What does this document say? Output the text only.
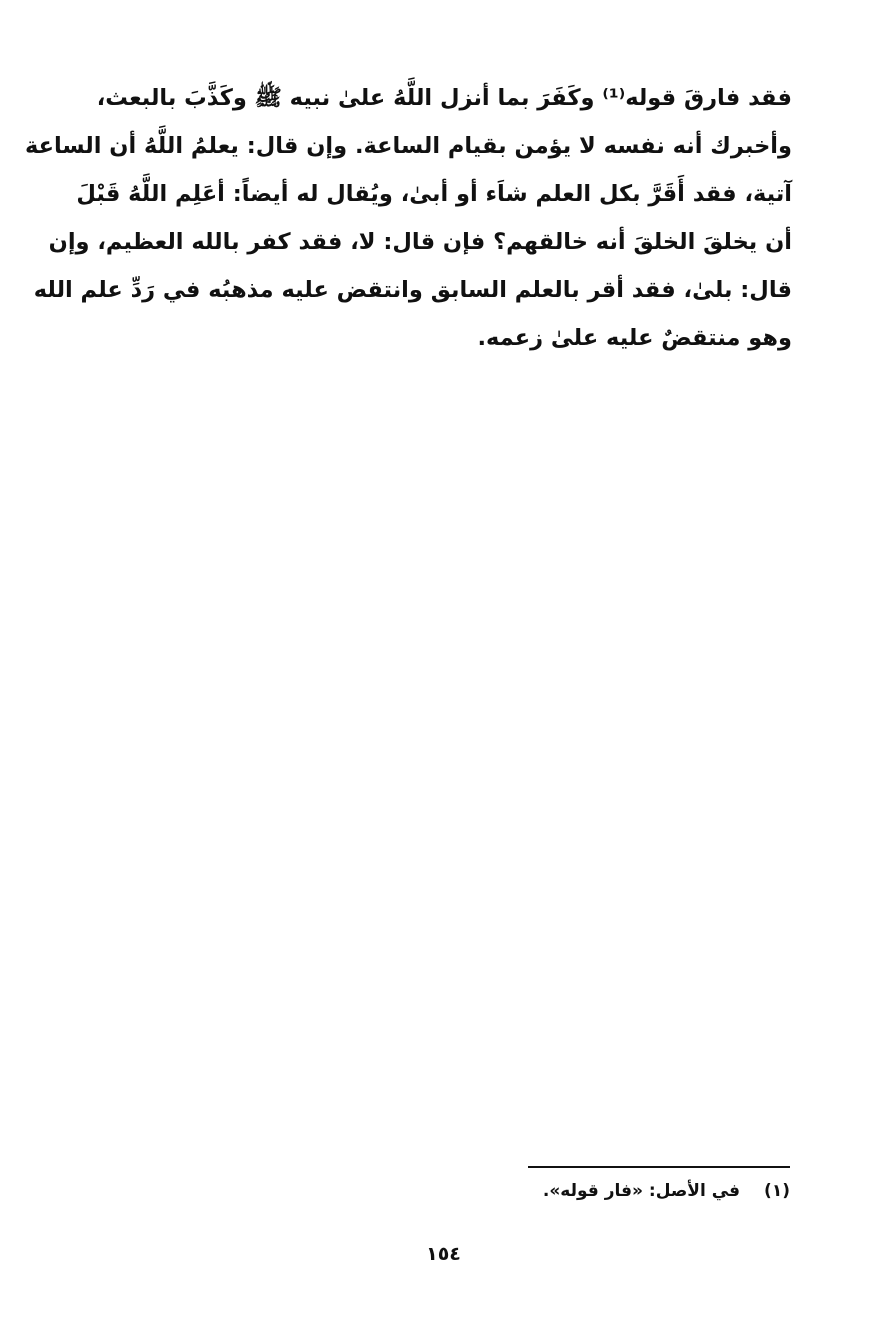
فقد فارقَ قوله⁽¹⁾ وكَفَرَ بما أنزل اللَّهُ علىٰ نبيه ﷺ وكَذَّبَ بالبعث،
وأخبرك أنه نفسه لا يؤمن بقيام الساعة. وإن قال: يعلمُ اللَّهُ أن الساعة
آتية، فقد أَقَرَّ بكل العلم شاَء أو أبىٰ، ويُقال له أيضاً: أعَلِم اللَّهُ قَبْلَ
أن يخلقَ الخلقَ أنه خالقهم؟ فإن قال: لا، فقد كفر بالله العظيم، وإن
قال: بلىٰ، فقد أقر بالعلم السابق وانتقض عليه مذهبُه في رَدِّ علم الله
وهو منتقضٌ عليه علىٰ زعمه.
(١)في الأصل: «فار قوله».
١٥٤
